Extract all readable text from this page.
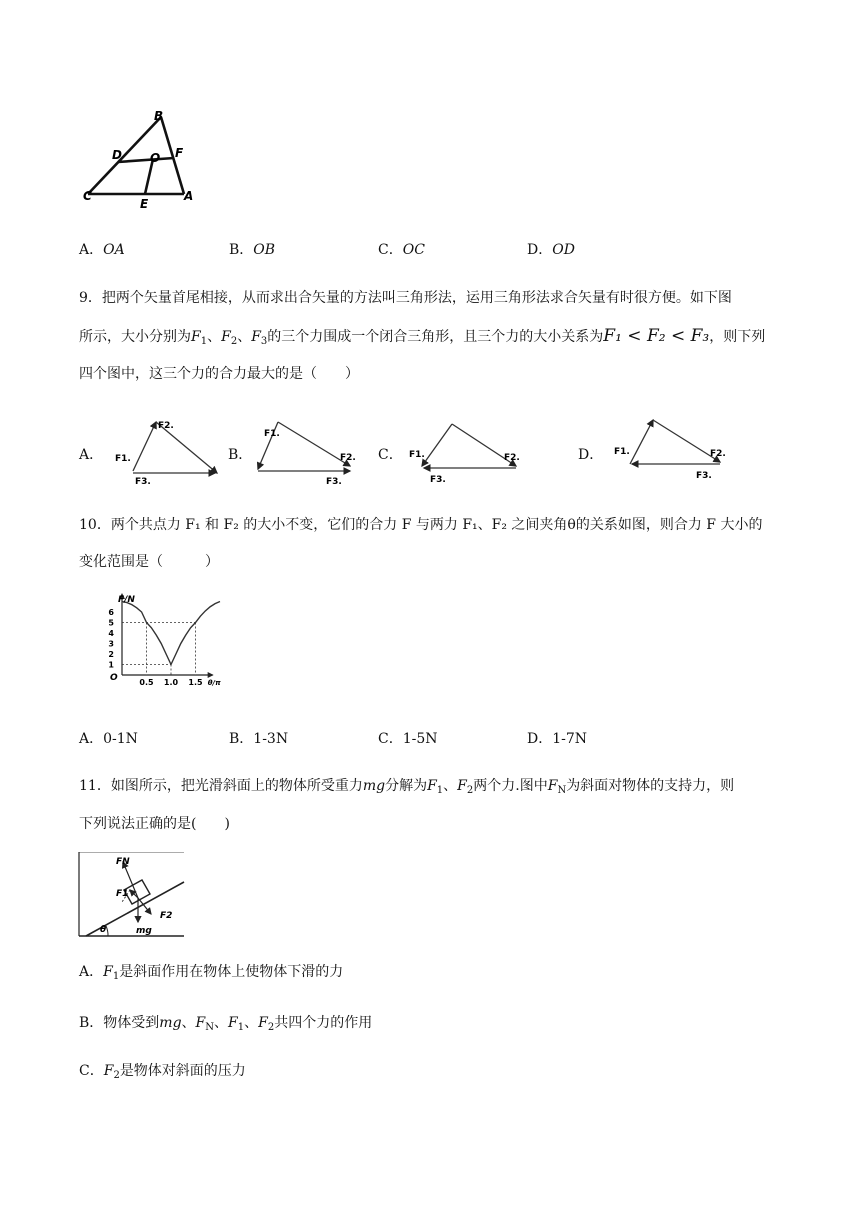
B
D O F
C
E
A
A．OA	B．OB	C．OC	D．OD
9．把两个矢量首尾相接，从而求出合矢量的方法叫三角形法，运用三角形法求合矢量有时很方便。如下图
所示，大小分别为$F_1$、$F_2$、$F_3$的三个力围成一个闭合三角形，且三个力的大小关系为F₁ < F₂ < F₃，则下列
四个图中，这三个力的合力最大的是（　　）
A． F1.
F2.
F3.
B．
F1.
F2.
F3.
C． F1.	F2.
F3.
D． F1.	F2.
F3.
10．两个共点力 F₁ 和 F₂ 的大小不变，它们的合力 F 与两力 F₁、F₂ 之间夹角θ的关系如图，则合力 F 大小的
变化范围是（　　　）
6
5
4
3
2
1
0.5 1.0 1.5
O
F/N
θ/π
A．0-1N	B．1-3N	C．1-5N	D．1-7N
11．如图所示，把光滑斜面上的物体所受重力mg分解为$F_1$、$F_2$两个力.图中$F_N$为斜面对物体的支持力，则
下列说法正确的是(　　)
FN
F1
F2
mg
θ
A．$F_1$是斜面作用在物体上使物体下滑的力
B．物体受到mg、$F_N$、$F_1$、$F_2$共四个力的作用
C．$F_2$是物体对斜面的压力
